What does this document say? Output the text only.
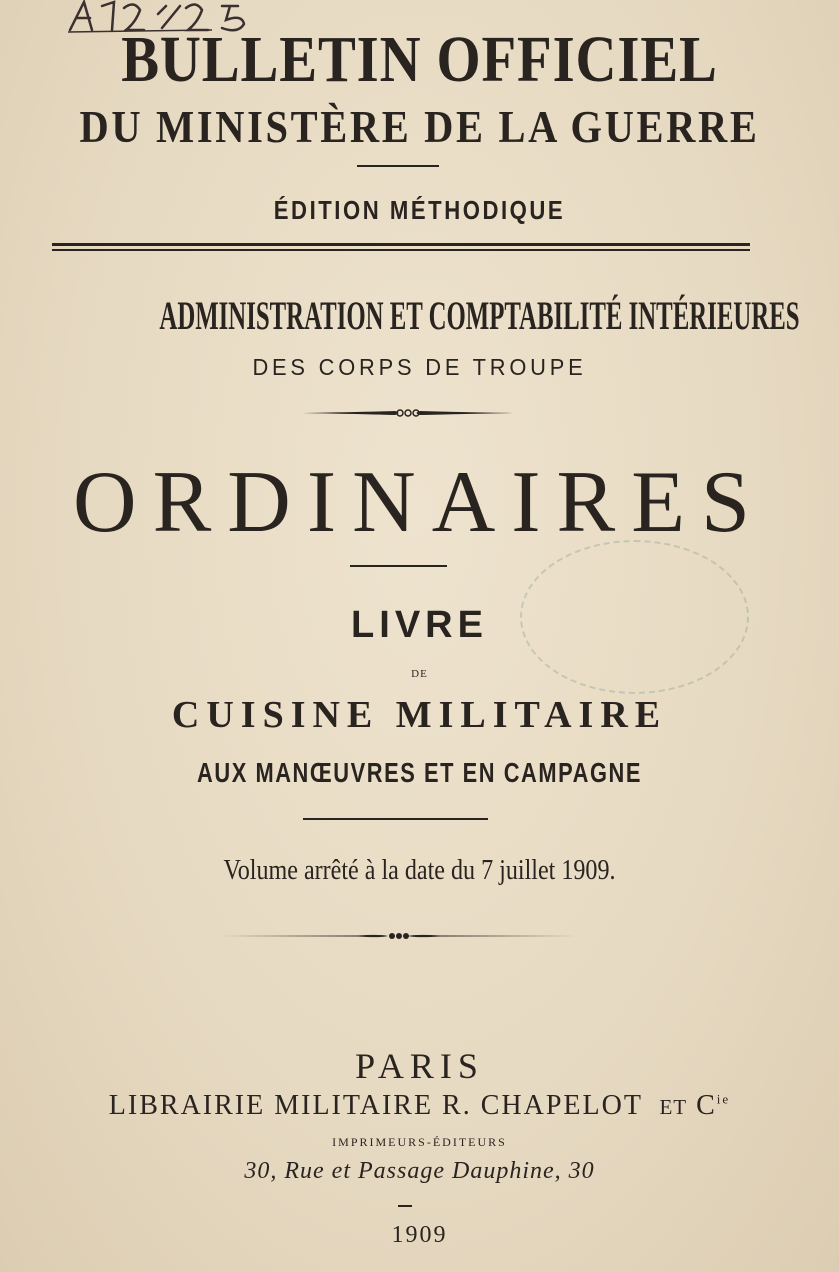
BULLETIN OFFICIEL
DU MINISTÈRE DE LA GUERRE
ÉDITION MÉTHODIQUE
ADMINISTRATION ET COMPTABILITÉ INTÉRIEURES
DES CORPS DE TROUPE
ORDINAIRES
LIVRE
DE
CUISINE MILITAIRE
AUX MANŒUVRES ET EN CAMPAGNE
Volume arrêté à la date du 7 juillet 1909.
PARIS
LIBRAIRIE MILITAIRE R. CHAPELOT ET $C^{ie}$
IMPRIMEURS-ÉDITEURS
30, Rue et Passage Dauphine, 30
1909
